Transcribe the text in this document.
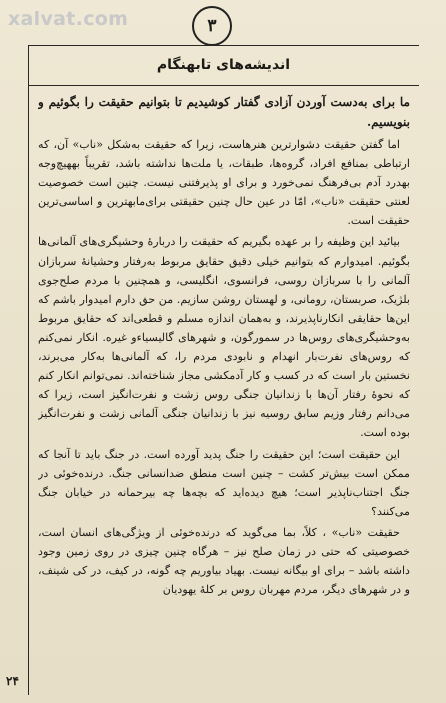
xalvat.com	۳
اندیشه‌های تابهنگام

ما برای به‌دست آوردن آزادی گفتار کوشیدیم تا بتوانیم حقیقت را بگوئیم و بنویسیم.

اما گفتن حقیقت دشوارترین هنرهاست، زیرا که حقیقت به‌شکل «ناب» آن، که ارتباطی بمنافع افراد، گروه‌ها، طبقات، یا ملت‌ها نداشته باشد، تقریباً بههیچ‌وجه بهدرد آدم بی‌فرهنگ نمی‌خورد و برای او پذیرفتنی نیست. چنین است خصوصیت لعنتی حقیقت «ناب»، امّا در عین حال چنین حقیقتی برای‌مابهترین و اساسی‌ترین حقیقت است.

بیائید این وظیفه را بر عهده بگیریم که حقیقت را دربارهٔ وحشیگری‌های آلمانی‌ها بگوئیم. امیدوارم که بتوانیم خیلی دقیق حقایق مربوط به‌رفتار وحشیانهٔ سربازان آلمانی را با سربازان روسی، فرانسوی، انگلیسی، و همچنین با مردم صلح‌جوی بلژیک، صربستان، رومانی، و لهستان روشن سازیم. من حق دارم امیدوار باشم که این‌ها حقایقی انکارناپذیرند، و به‌همان اندازه مسلم و قطعی‌اند که حقایق مربوط به‌وحشیگری‌های روس‌ها در سمورگون، و شهرهای گالیسیاءو غیره. انکار نمی‌کنم که روس‌های نفرت‌بار انهدام و نابودی مردم را، که آلمانی‌ها به‌کار می‌برند، نخستین بار است که در کسب و کار آدمکشی مجاز شناخته‌اند. نمی‌توانم انکار کنم که نحوهٔ رفتار آن‌ها با زندانیان جنگی روس زشت و نفرت‌انگیز است، زیرا که می‌دانم رفتار وزیم سابق روسیه نیز با زندانیان جنگی آلمانی زشت و نفرت‌انگیز بوده است.

این حقیقت است؛ این حقیقت را جنگ پدید آورده است. در جنگ باید تا آنجا که ممکن است بیش‌تر کشت – چنین است منطق ضدانسانی جنگ. درنده‌خوئی در جنگ اجتناب‌ناپذیر است؛ هیچ دیده‌اید که بچه‌ها چه بیرحمانه در خیابان جنگ می‌کنند؟

حقیقت «ناب» ، کلاً، بما می‌گوید که درنده‌خوئی از ویژگی‌های انسان است، خصوصیتی که حتی در زمان صلح نیز – هرگاه چنین چیزی در روی زمین وجود داشته باشد – برای او بیگانه نیست. بهیاد بیاوریم چه گونه، در کیف، در کی شینف، و در شهرهای دیگر، مردم مهربان روس بر کلهٔ یهودیان

۲۴
